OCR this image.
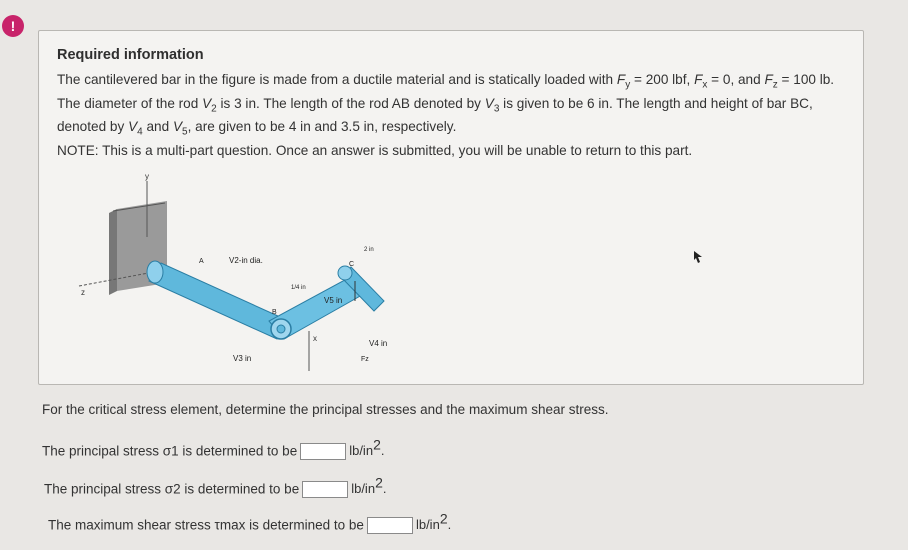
!
Required information
The cantilevered bar in the figure is made from a ductile material and is statically loaded with $F_y = 200$ lbf, $F_x = 0$, and $F_z = 100$ lb. The diameter of the rod $V_2$ is 3 in. The length of the rod AB denoted by $V_3$ is given to be 6 in. The length and height of bar BC, denoted by $V_4$ and $V_5$, are given to be 4 in and 3.5 in, respectively.
NOTE: This is a multi-part question. Once an answer is submitted, you will be unable to return to this part.
y
z
x
V2-in dia.
V3 in
V4 in
V5 in
1/4 in
2 in
A
B
C
Fz
For the critical stress element, determine the principal stresses and the maximum shear stress.
The principal stress σ1 is determined to be	$lb/in^2$.
The principal stress σ2 is determined to be	$lb/in^2$.
The maximum shear stress τmax is determined to be	$lb/in^2$.
